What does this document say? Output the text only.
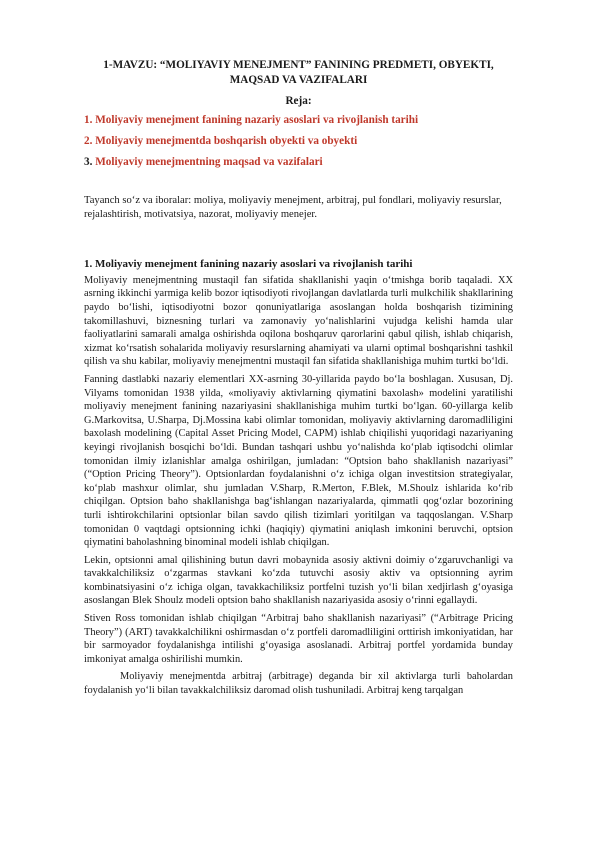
1-MAVZU: “MOLIYAVIY MENEJMENT” FANINING PREDMETI, OBYEKTI, MAQSAD VA VAZIFALARI
Reja:
1. Moliyaviy menejment fanining nazariy asoslari va rivojlanish tarihi
2. Moliyaviy menejmentda boshqarish obyekti va obyekti
3. Moliyaviy menejmentning maqsad va vazifalari

Tayanch so‘z va iboralar: moliya, moliyaviy menejment, arbitraj, pul fondlari, moliyaviy resurslar, rejalashtirish, motivatsiya, nazorat, moliyaviy menejer.

1. Moliyaviy menejment fanining nazariy asoslari va rivojlanish tarihi

Moliyaviy menejmentning mustaqil fan sifatida shakllanishi yaqin o‘tmishga borib taqaladi. XX asrning ikkinchi yarmiga kelib bozor iqtisodiyoti rivojlangan davlatlarda turli mulkchilik shakllarining paydo bo‘lishi, iqtisodiyotni bozor qonuniyatlariga asoslangan holda boshqarish tizimining takomillashuvi, biznesning turlari va zamonaviy yo‘nalishlarini vujudga kelishi hamda ular faoliyatlarini samarali amalga oshirishda oqilona boshqaruv qarorlarini qabul qilish, ishlab chiqarish, xizmat ko‘rsatish sohalarida moliyaviy resurslarning ahamiyati va ularni optimal boshqarishni tashkil qilish va shu kabilar, moliyaviy menejmentni mustaqil fan sifatida shakllanishiga muhim turtki bo‘ldi.

Fanning dastlabki nazariy elementlari XX-asrning 30-yillarida paydo bo‘la boshlagan. Xususan, Dj. Vilyams tomonidan 1938 yilda, «moliyaviy aktivlarning qiymatini baxolash» modelini yaratilishi moliyaviy menejment fanining nazariyasini shakllanishiga muhim turtki bo‘lgan. 60-yillarga kelib G.Markovitsa, U.Sharpa, Dj.Mossina kabi olimlar tomonidan, moliyaviy aktivlarning daromadliligini baxolash modelining (Capital Asset Pricing Model, CAPM) ishlab chiqilishi yuqoridagi nazariyaning keyingi rivojlanish bosqichi bo‘ldi. Bundan tashqari ushbu yo‘nalishda ko‘plab iqtisodchi olimlar tomonidan ilmiy izlanishlar amalga oshirilgan, jumladan: “Optsion baho shakllanish nazariyasi” (“Option Pricing Theory”). Optsionlardan foydalanishni o‘z ichiga olgan investitsion strategiyalar, ko‘plab mashxur olimlar, shu jumladan V.Sharp, R.Merton, F.Blek, M.Shoulz ishlarida ko‘rib chiqilgan. Optsion baho shakllanishga bag‘ishlangan nazariyalarda, qimmatli qog‘ozlar bozorining turli ishtirokchilarini optsionlar bilan savdo qilish tizimlari yoritilgan va taqqoslangan. V.Sharp tomonidan 0 vaqtdagi optsionning ichki (haqiqiy) qiymatini aniqlash imkonini beruvchi, optsion qiymatini baholashning binominal modeli ishlab chiqilgan.

Lekin, optsionni amal qilishining butun davri mobaynida asosiy aktivni doimiy o‘zgaruvchanligi va tavakkalchiliksiz o‘zgarmas stavkani ko‘zda tutuvchi asosiy aktiv va optsionning ayrim kombinatsiyasini o‘z ichiga olgan, tavakkachiliksiz portfelni tuzish yo‘li bilan xedjirlash g‘oyasiga asoslangan Blek Shoulz modeli optsion baho shakllanish nazariyasida asosiy o‘rinni egallaydi.

Stiven Ross tomonidan ishlab chiqilgan “Arbitraj baho shakllanish nazariyasi” (“Arbitrage Pricing Theory”) (ART) tavakkalchilikni oshirmasdan o‘z portfeli daromadliligini orttirish imkoniyatidan, har bir sarmoyador foydalanishga intilishi g‘oyasiga asoslanadi. Arbitraj portfel yordamida bunday imkoniyat amalga oshirilishi mumkin.

Moliyaviy menejmentda arbitraj (arbitrage) deganda bir xil aktivlarga turli baholardan foydalanish yo‘li bilan tavakkalchiliksiz daromad olish tushuniladi. Arbitraj keng tarqalgan
